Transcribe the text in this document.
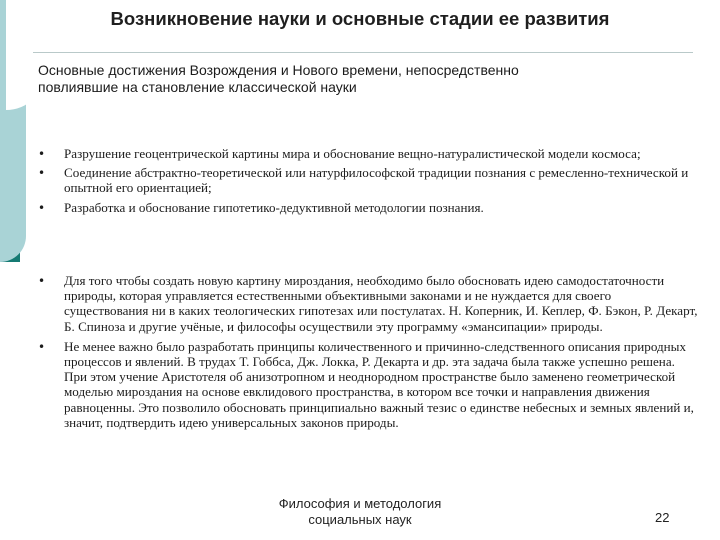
Возникновение науки и основные стадии ее развития
Основные достижения Возрождения и Нового времени, непосредственно
повлиявшие на становление классической науки
• Разрушение геоцентрической картины мира и обоснование вещно-натуралистической модели космоса;
• Соединение абстрактно-теоретической или натурфилософской традиции познания с ремесленно-технической и опытной его ориентацией;
• Разработка и обоснование гипотетико-дедуктивной методологии познания.
• Для того чтобы создать новую картину мироздания, необходимо было обосновать идею самодостаточности природы, которая управляется естественными объективными законами и не нуждается для своего существования ни в каких теологических гипотезах или постулатах. Н. Коперник, И. Кеплер, Ф. Бэкон, Р. Декарт, Б. Спиноза и другие учёные, и философы осуществили эту программу «эмансипации» природы.
• Не менее важно было разработать принципы количественного и причинно-следственного описания природных процессов и явлений. В трудах Т. Гоббса, Дж. Локка, Р. Декарта и др. эта задача была также успешно решена. При этом учение Аристотеля об анизотропном и неоднородном пространстве было заменено геометрической моделью мироздания на основе евклидового пространства, в котором все точки и направления движения равноценны. Это позволило обосновать принципиально важный тезис о единстве небесных и земных явлений и, значит, подтвердить идею универсальных законов природы.
Философия и методология
социальных наук	22
